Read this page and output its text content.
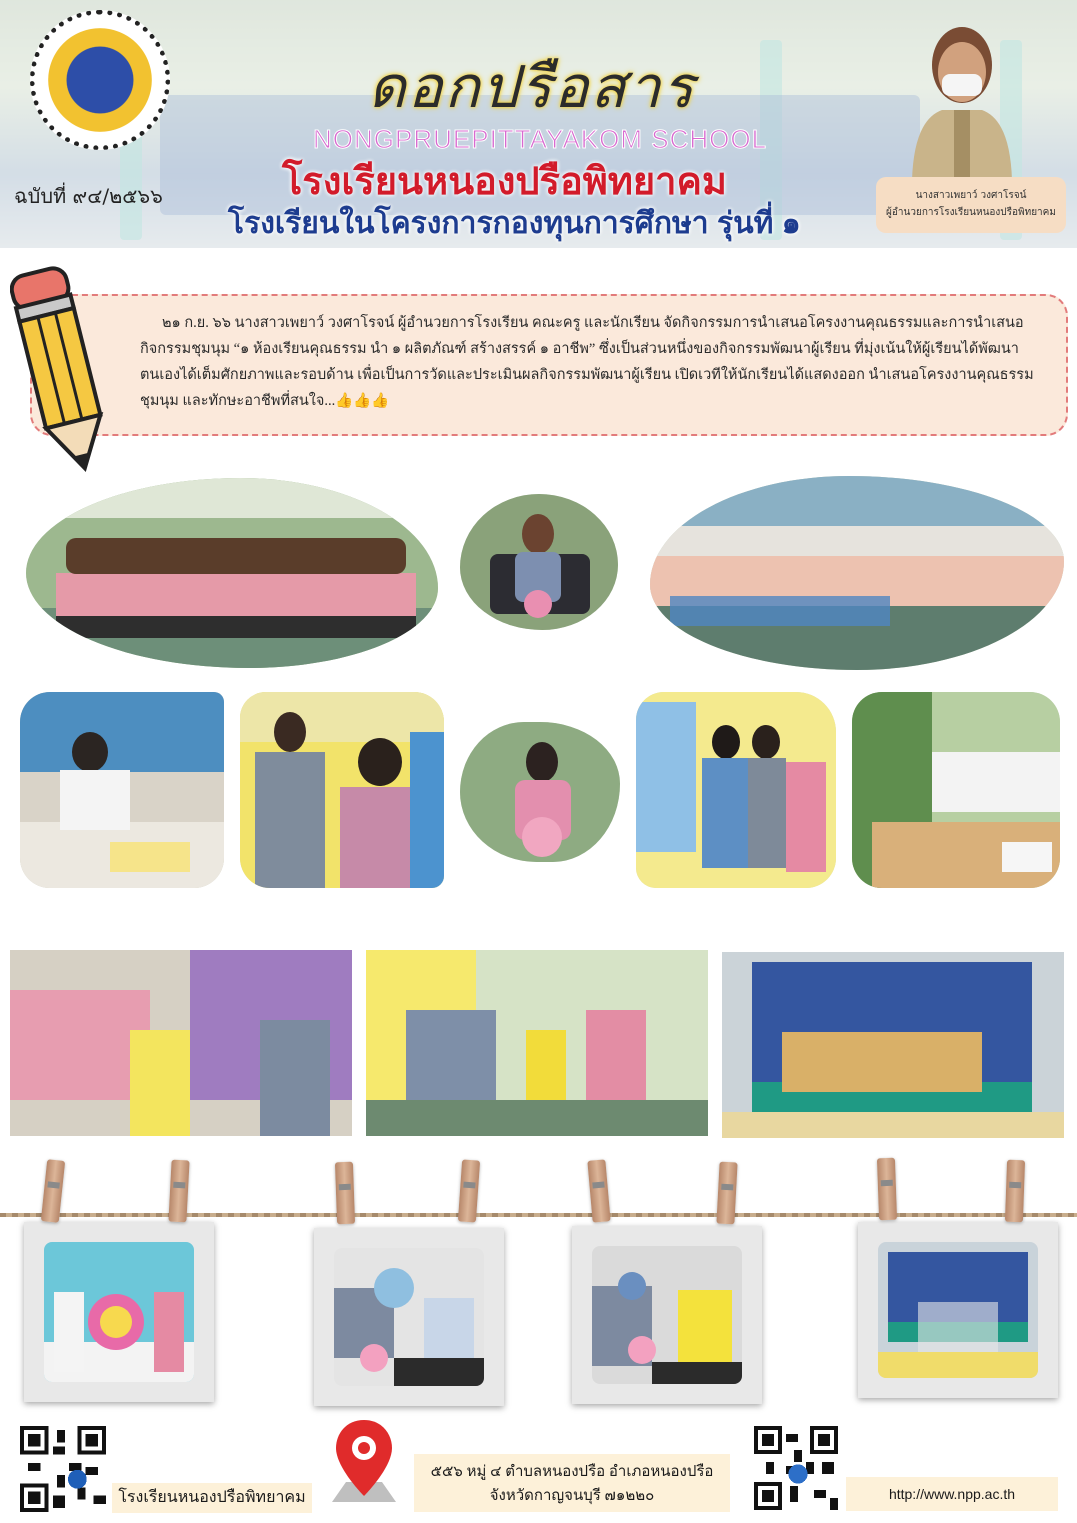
ฉบับที่ ๙๔/๒๕๖๖
ดอกปรือสาร
NONGPRUEPITTAYAKOM SCHOOL
โรงเรียนหนองปรือพิทยาคม
โรงเรียนในโครงการกองทุนการศึกษา รุ่นที่ ๑
นางสาวเพยาว์ วงศาโรจน์
ผู้อำนวยการโรงเรียนหนองปรือพิทยาคม

๒๑ ก.ย. ๖๖ นางสาวเพยาว์ วงศาโรจน์ ผู้อำนวยการโรงเรียน คณะครู และนักเรียน จัดกิจกรรมการนำเสนอโครงงานคุณธรรมและการนำเสนอกิจกรรมชุมนุม “๑ ห้องเรียนคุณธรรม นำ ๑ ผลิตภัณฑ์ สร้างสรรค์ ๑ อาชีพ” ซึ่งเป็นส่วนหนึ่งของกิจกรรมพัฒนาผู้เรียน ที่มุ่งเน้นให้ผู้เรียนได้พัฒนาตนเองได้เต็มศักยภาพและรอบด้าน เพื่อเป็นการวัดและประเมินผลกิจกรรมพัฒนาผู้เรียน เปิดเวทีให้นักเรียนได้แสดงออก นำเสนอโครงงานคุณธรรม ชุมนุม และทักษะอาชีพที่สนใจ...👍👍👍

โรงเรียนหนองปรือพิทยาคม
๕๕๖ หมู่ ๔ ตำบลหนองปรือ อำเภอหนองปรือ
จังหวัดกาญจนบุรี ๗๑๒๒๐	http://www.npp.ac.th
